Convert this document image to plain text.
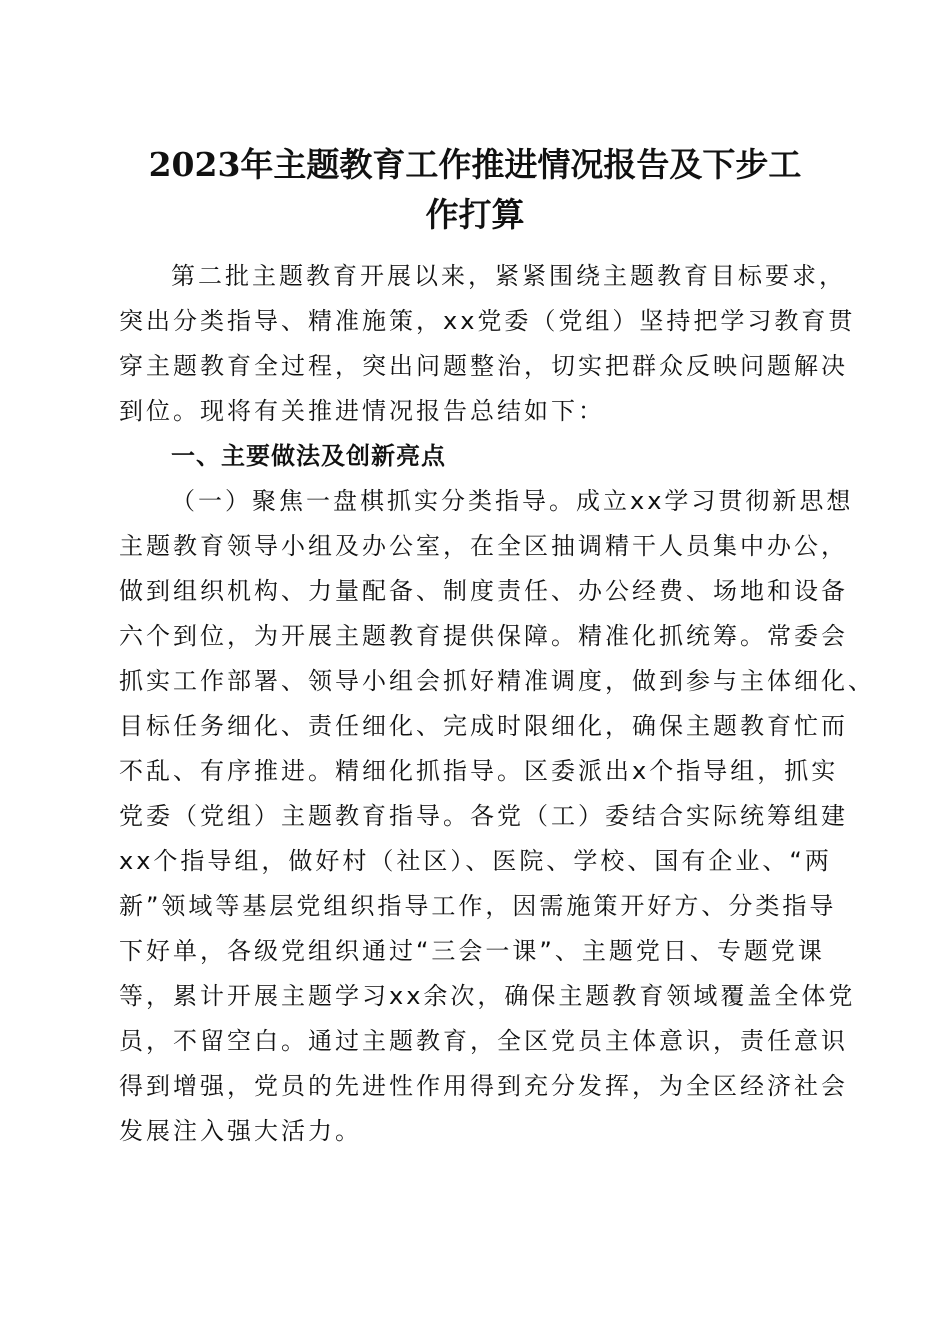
2023年主题教育工作推进情况报告及下步工
作打算
第二批主题教育开展以来，紧紧围绕主题教育目标要求，
突出分类指导、精准施策，xx党委（党组）坚持把学习教育贯
穿主题教育全过程，突出问题整治，切实把群众反映问题解决
到位。现将有关推进情况报告总结如下：
一、主要做法及创新亮点
（一）聚焦一盘棋抓实分类指导。成立xx学习贯彻新思想
主题教育领导小组及办公室，在全区抽调精干人员集中办公，
做到组织机构、力量配备、制度责任、办公经费、场地和设备
六个到位，为开展主题教育提供保障。精准化抓统筹。常委会
抓实工作部署、领导小组会抓好精准调度，做到参与主体细化、
目标任务细化、责任细化、完成时限细化，确保主题教育忙而
不乱、有序推进。精细化抓指导。区委派出x个指导组，抓实
党委（党组）主题教育指导。各党（工）委结合实际统筹组建
xx个指导组，做好村（社区）、医院、学校、国有企业、“两
新”领域等基层党组织指导工作，因需施策开好方、分类指导
下好单，各级党组织通过“三会一课”、主题党日、专题党课
等，累计开展主题学习xx余次，确保主题教育领域覆盖全体党
员，不留空白。通过主题教育，全区党员主体意识，责任意识
得到增强，党员的先进性作用得到充分发挥，为全区经济社会
发展注入强大活力。
